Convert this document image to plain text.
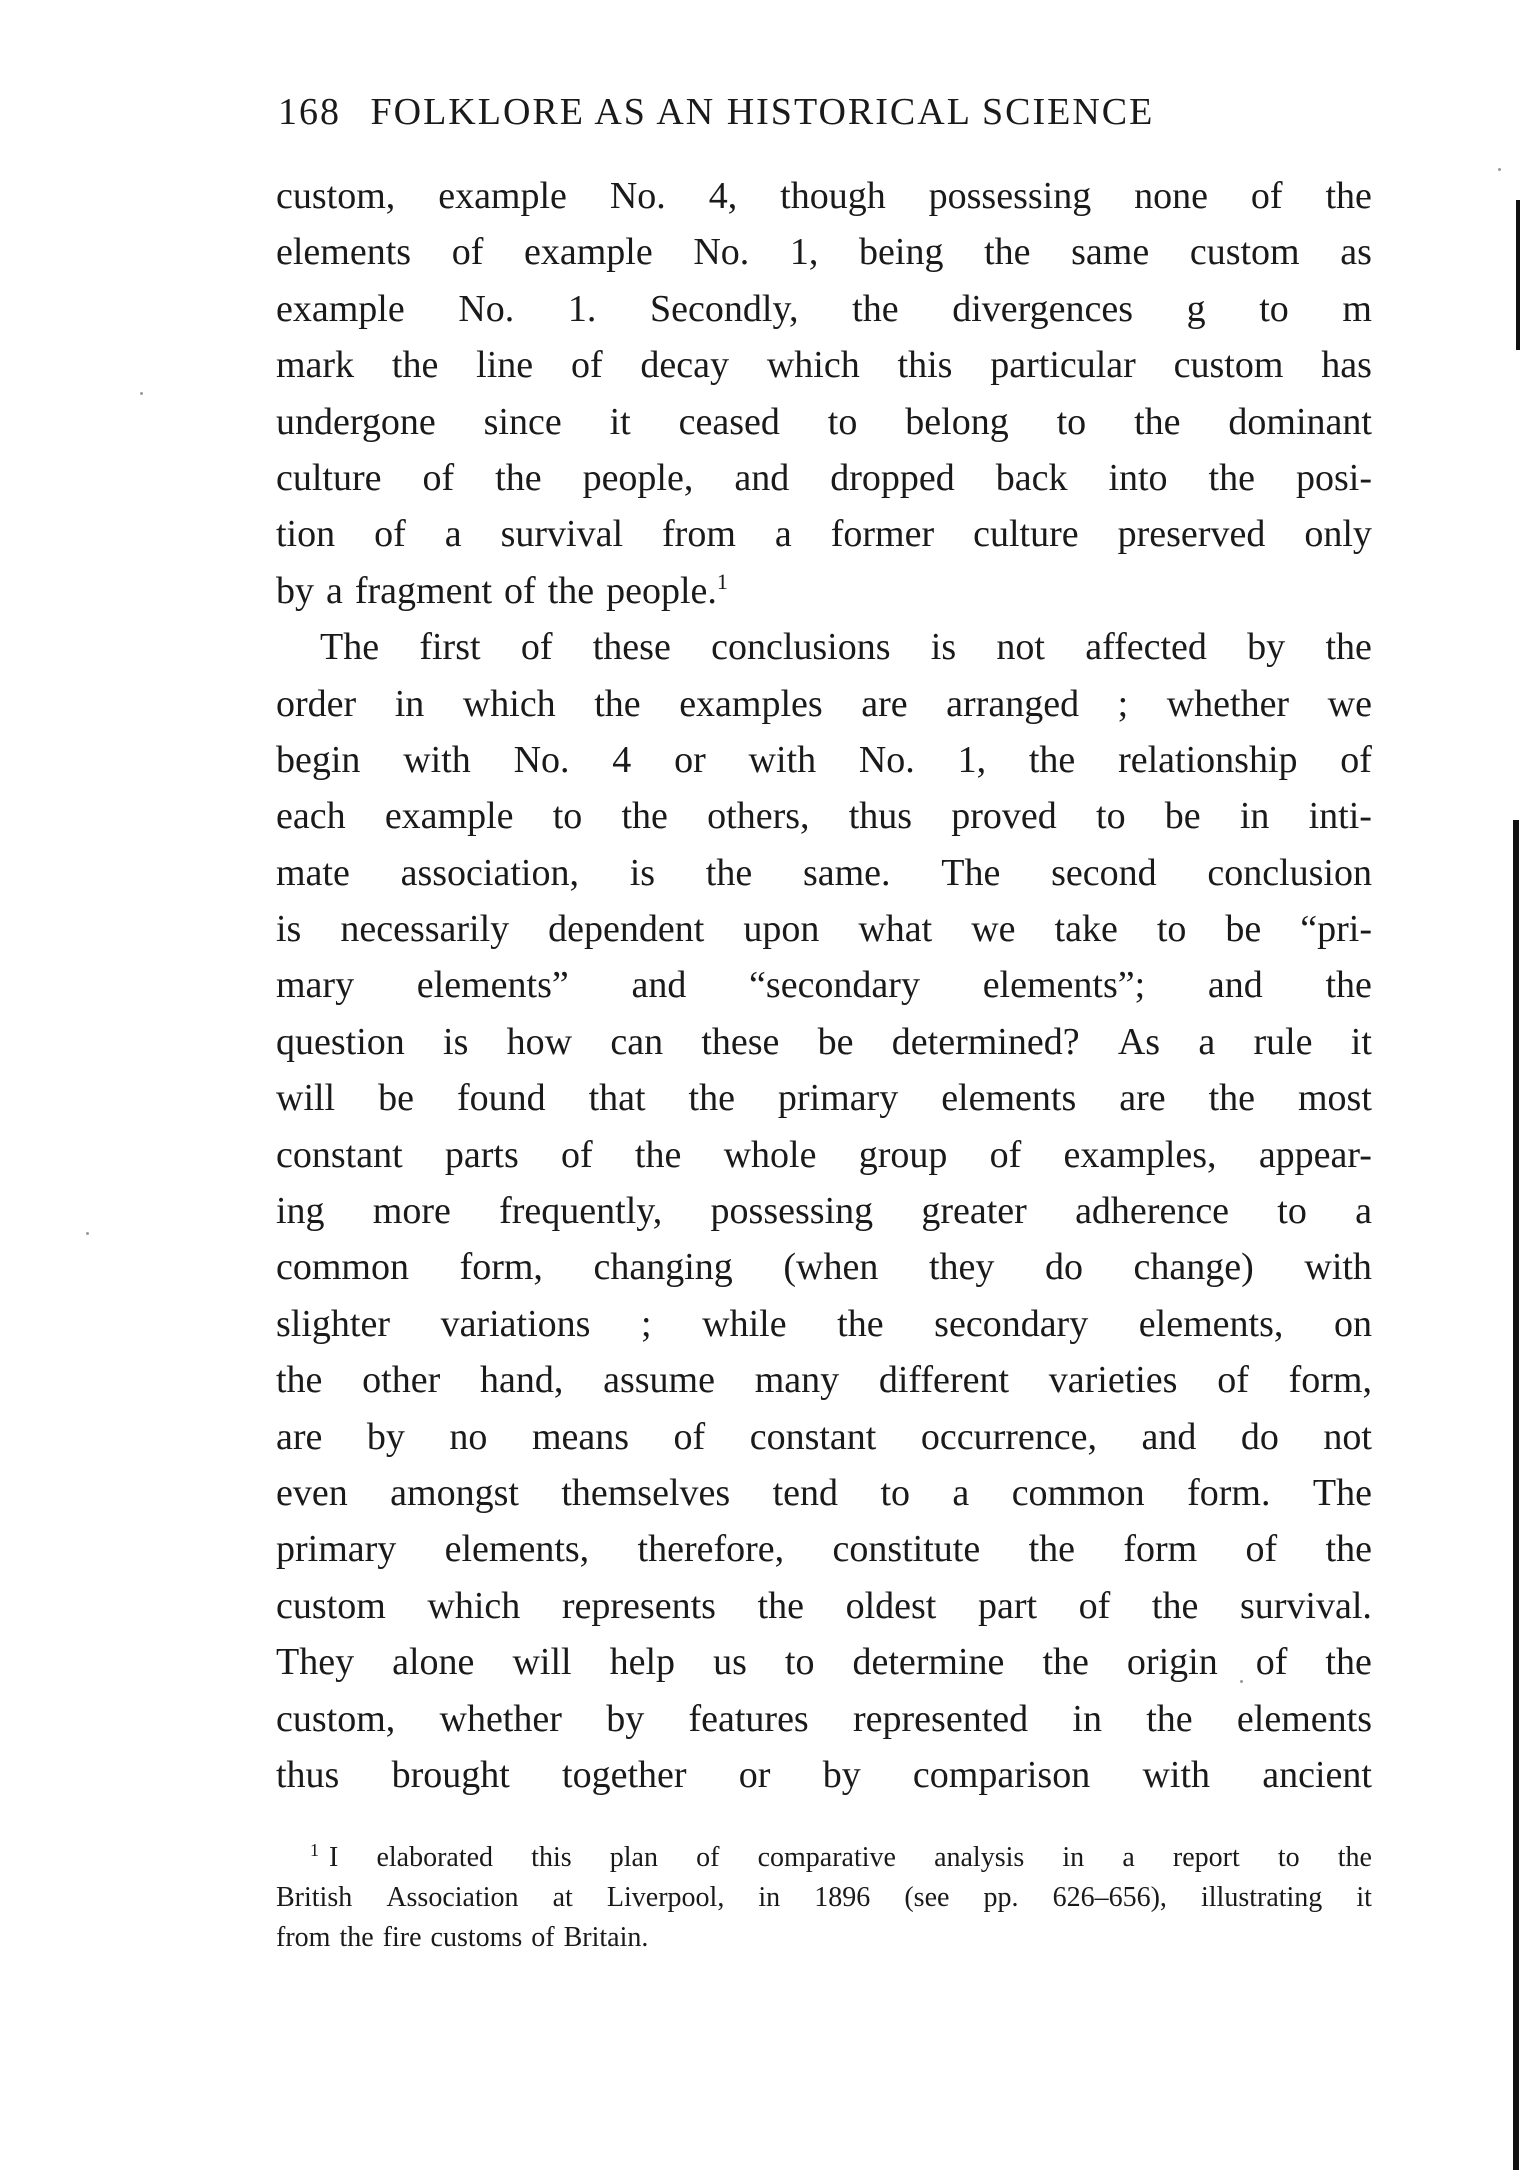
168 FOLKLORE AS AN HISTORICAL SCIENCE
custom, example No. 4, though possessing none of the
elements of example No. 1, being the same custom as
example No. 1. Secondly, the divergences g to m
mark the line of decay which this particular custom has
undergone since it ceased to belong to the dominant
culture of the people, and dropped back into the posi-
tion of a survival from a former culture preserved only
by a fragment of the people.$^1$
The first of these conclusions is not affected by the
order in which the examples are arranged ; whether we
begin with No. 4 or with No. 1, the relationship of
each example to the others, thus proved to be in inti-
mate association, is the same. The second conclusion
is necessarily dependent upon what we take to be “pri-
mary elements” and “secondary elements”; and the
question is how can these be determined? As a rule it
will be found that the primary elements are the most
constant parts of the whole group of examples, appear-
ing more frequently, possessing greater adherence to a
common form, changing (when they do change) with
slighter variations ; while the secondary elements, on
the other hand, assume many different varieties of form,
are by no means of constant occurrence, and do not
even amongst themselves tend to a common form. The
primary elements, therefore, constitute the form of the
custom which represents the oldest part of the survival.
They alone will help us to determine the origin of the
custom, whether by features represented in the elements
thus brought together or by comparison with ancient
$^1$ I elaborated this plan of comparative analysis in a report to the
British Association at Liverpool, in 1896 (see pp. 626–656), illustrating it
from the fire customs of Britain.
